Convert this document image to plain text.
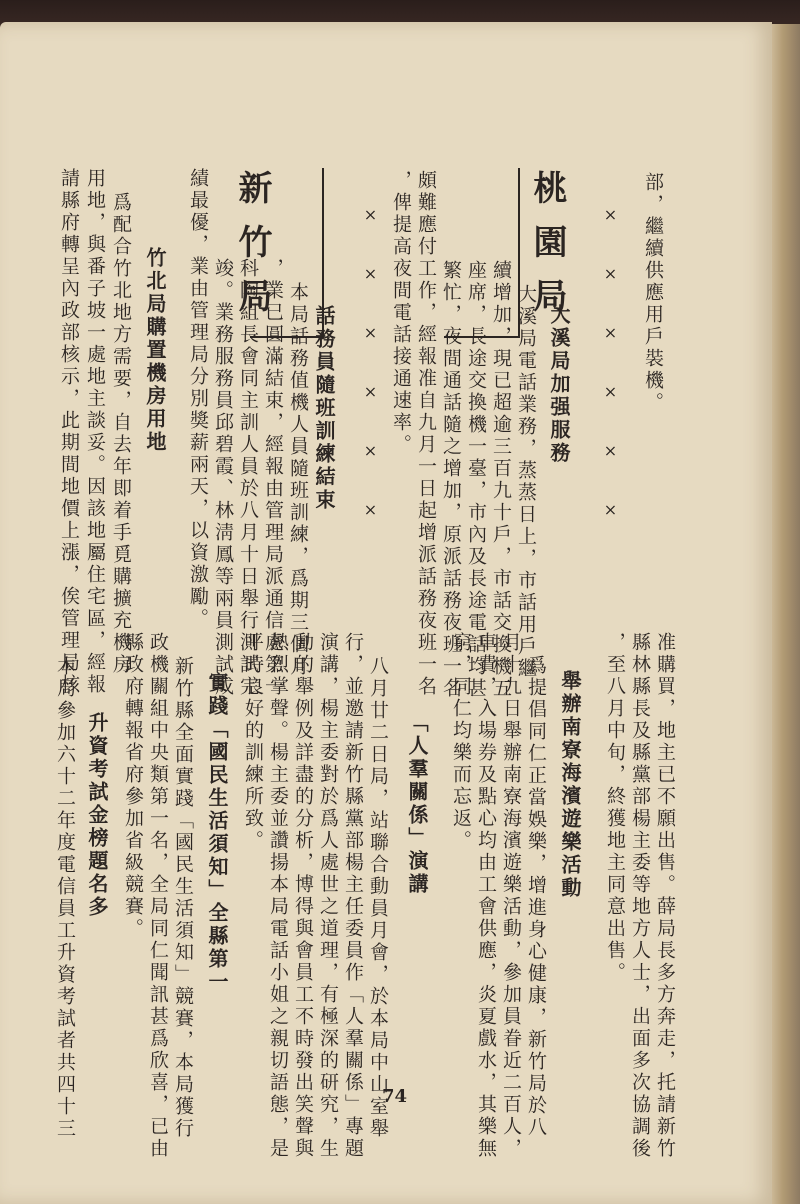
部，繼續供應用戶裝機。
××××××
××××××	桃園局
大溪局加强服務
大溪局電話業務，蒸蒸日上，市話用戶繼
續增加，現已超逾三百九十戶，市話交換機五
座席，長途交換機一臺，市內及長途電話均甚
繁忙，夜間通話隨之增加，原派話務夜班一名
頗難應付工作，經報准自九月一日起增派話務夜班一名
，俾提高夜間電話接通速率。
新竹局
話務員隨班訓練結束
本局話務值機人員隨班訓練，爲期三個月
，業已圓滿結束，經報由管理局派通信處第一
科陶組長會同主訓人員於八月十日舉行測試完
竣。業務服務員邱碧霞、林淸鳳等兩員測試成
績最優，業由管理局分別獎薪兩天，以資激勵。
竹北局購置機房用地
爲配合竹北地方需要，自去年即着手覓購擴充機房
用地，與番子坡一處地主談妥。因該地屬住宅區，經報
請縣府轉呈內政部核示，此期間地價上漲，俟管理局核
准購買，地主已不願出售。薛局長多方奔走，托請新竹
縣林縣長及縣黨部楊主委等地方人士，出面多次協調後
，至八月中旬，終獲地主同意出售。
舉辦南寮海濱遊樂活動
爲提倡同仁正當娛樂，增進身心健康，新竹局於八
月十九日舉辦南寮海濱遊樂活動，參加員眷近二百人，
車費，入場券及點心均由工會供應，炎夏戲水，其樂無
窮，同仁均樂而忘返。
「人羣關係」演講
八月廿二日局，站聯合動員月會，於本局中山室舉
行，並邀請新竹縣黨部楊主任委員作「人羣關係」專題
演講，楊主委對於爲人處世之道理，有極深的研究，生
動的舉例及詳盡的分析，博得與會員工不時發出笑聲與
熱烈掌聲。楊主委並讚揚本局電話小姐之親切語態，是
平時良好的訓練所致。
實踐「國民生活須知」全縣第一
新竹縣全面實踐「國民生活須知」競賽，本局獲行
政機關組中央類第一名，全局同仁聞訊甚爲欣喜，已由
縣政府轉報省府參加省級競賽。
升資考試金榜題名多
本局參加六十二年度電信員工升資考試者共四十三	74
